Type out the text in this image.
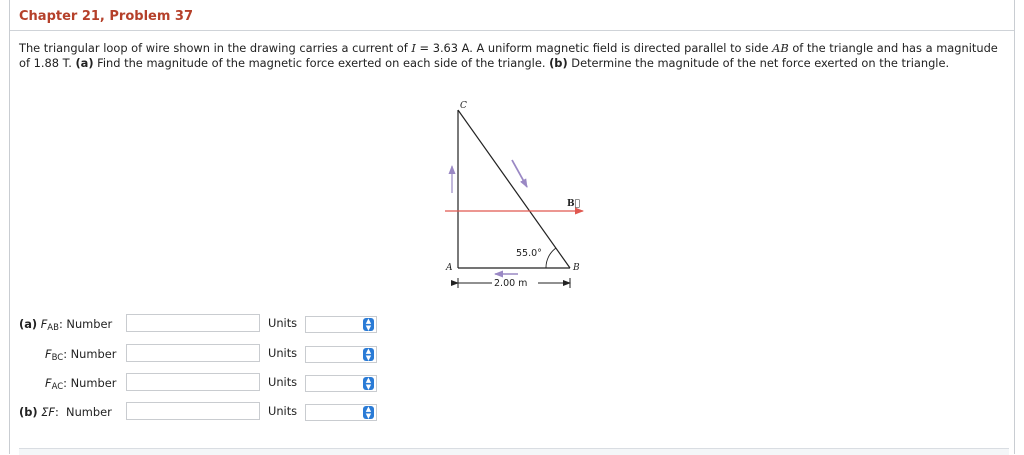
Chapter 21, Problem 37
The triangular loop of wire shown in the drawing carries a current of I = 3.63 A. A uniform magnetic field is directed parallel to side AB of the triangle and has a magnitude of 1.88 T. (a) Find the magnitude of the magnetic force exerted on each side of the triangle. (b) Determine the magnitude of the net force exerted on the triangle.
C
A	B
B⃗
55.0°
2.00 m
(a) $F_{AB}$: Number	Units	▲
▼
$F_{BC}$: Number	Units	▲
▼
$F_{AC}$: Number	Units	▲
▼
(b) ΣF: Number	Units	▲
▼
